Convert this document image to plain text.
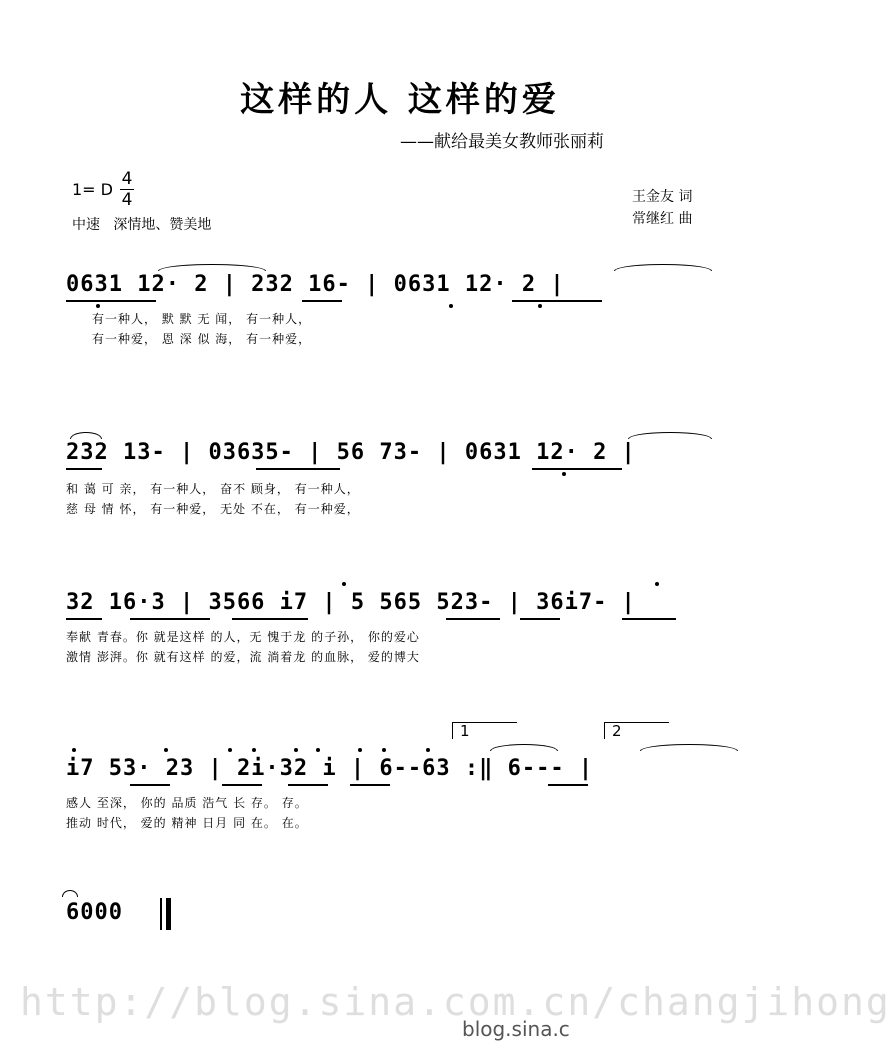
这样的人 这样的爱
——献给最美女教师张丽莉
1= D
4
4
中速   深情地、赞美地
王金友 词
常继红 曲
0631 12· 2 | 232 16- | 0631 12· 2 |
有一种人， 默 默 无 闻， 有一种人，
有一种爱， 恩 深 似 海， 有一种爱，
232 13- | 03635- | 56 73- | 0631 12· 2 |
和 蔼 可 亲， 有一种人， 奋不 顾身， 有一种人，
慈 母 情 怀， 有一种爱， 无处 不在， 有一种爱，
32 16·3 | 3566 i7 | 5 565 523- | 36i7- |
奉献 青春。你 就是这样 的人，无 愧于龙 的子孙， 你的爱心
激情 澎湃。你 就有这样 的爱，流 淌着龙 的血脉， 爱的博大
1	2
i7 53· 23 | 2i·32 i | 6--63 :‖ 6--- |
感人 至深， 你的 品质 浩气 长 存。 存。
推动 时代， 爱的 精神 日月 同 在。 在。
6000
http://blog.sina.com.cn/changjihong
blog.sina.c
